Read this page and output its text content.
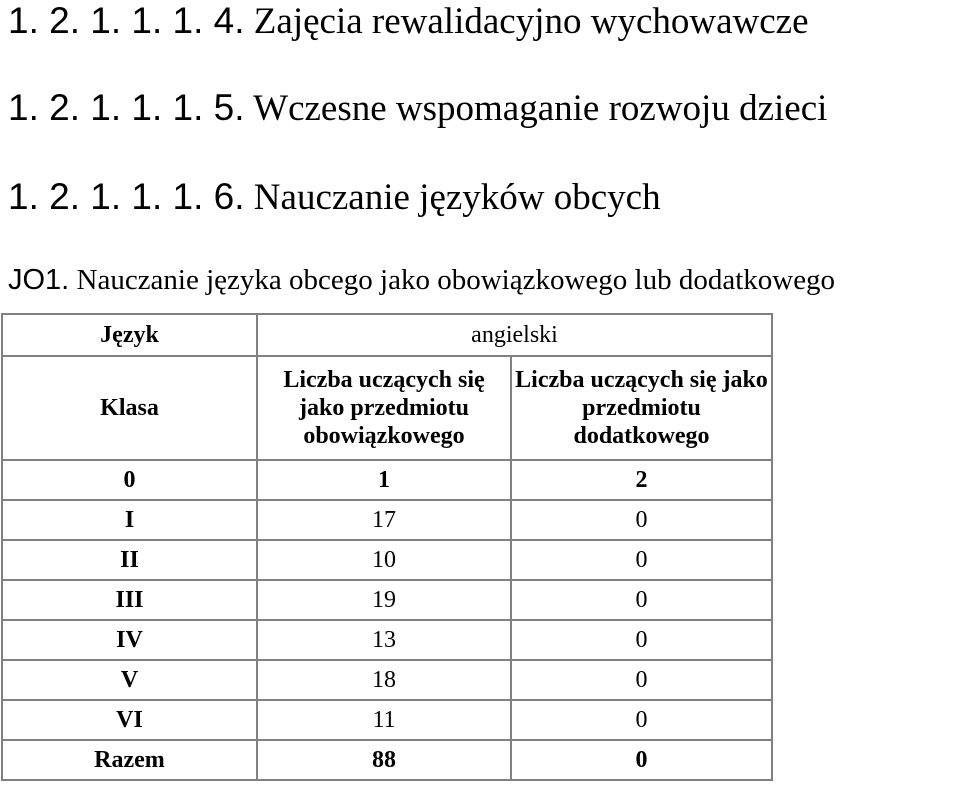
1. 2. 1. 1. 1. 4. Zajęcia rewalidacyjno wychowawcze
1. 2. 1. 1. 1. 5. Wczesne wspomaganie rozwoju dzieci
1. 2. 1. 1. 1. 6. Nauczanie języków obcych
JO1. Nauczanie języka obcego jako obowiązkowego lub dodatkowego
Język	angielski	
Klasa	Liczba uczących się jako przedmiotu obowiązkowego	Liczba uczących się jako przedmiotu dodatkowego
0	1	2
I	17	0
II	10	0
III	19	0
IV	13	0
V	18	0
VI	11	0
Razem	88	0
